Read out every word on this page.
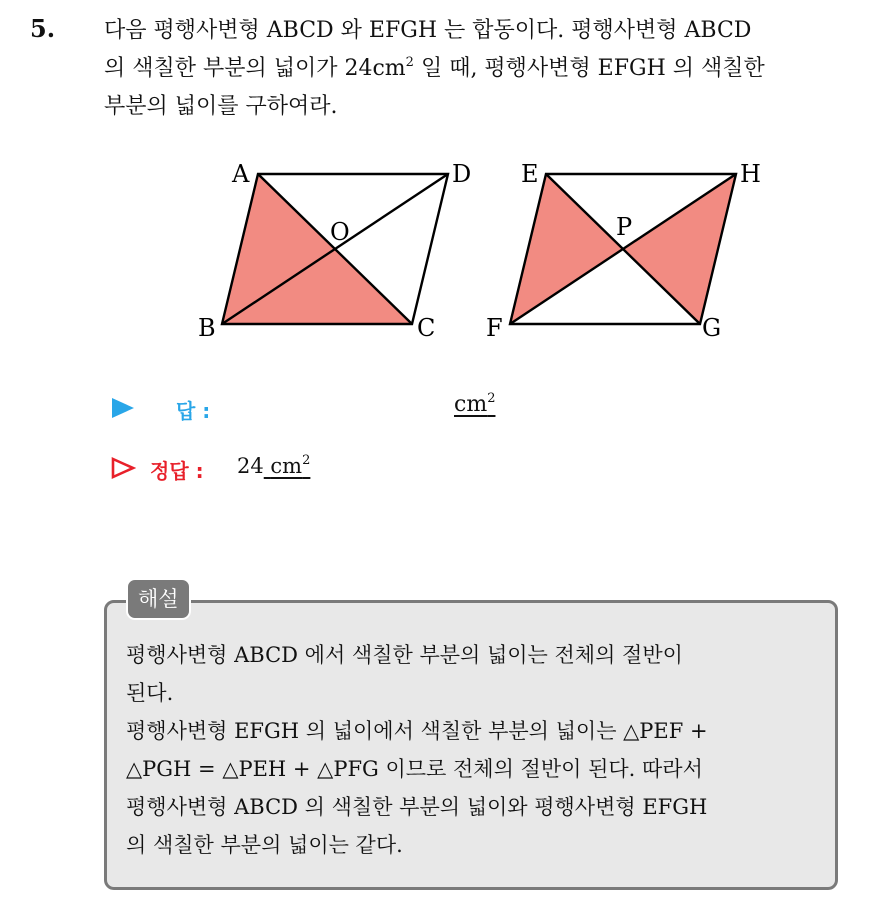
5. 다음 평행사변형 ABCD 와 EFGH 는 합동이다. 평행사변형 ABCD
의 색칠한 부분의 넓이가 $24cm^2$ 일 때, 평행사변형 EFGH 의 색칠한
부분의 넓이를 구하여라.
A	D
O
B	C
E	H
P
F	G
답 :	$cm^2$
정답 : 24 $cm^2$
해설
평행사변형 ABCD 에서 색칠한 부분의 넓이는 전체의 절반이
된다.
평행사변형 EFGH 의 넓이에서 색칠한 부분의 넓이는 △PEF +
△PGH = △PEH + △PFG 이므로 전체의 절반이 된다. 따라서
평행사변형 ABCD 의 색칠한 부분의 넓이와 평행사변형 EFGH
의 색칠한 부분의 넓이는 같다.
